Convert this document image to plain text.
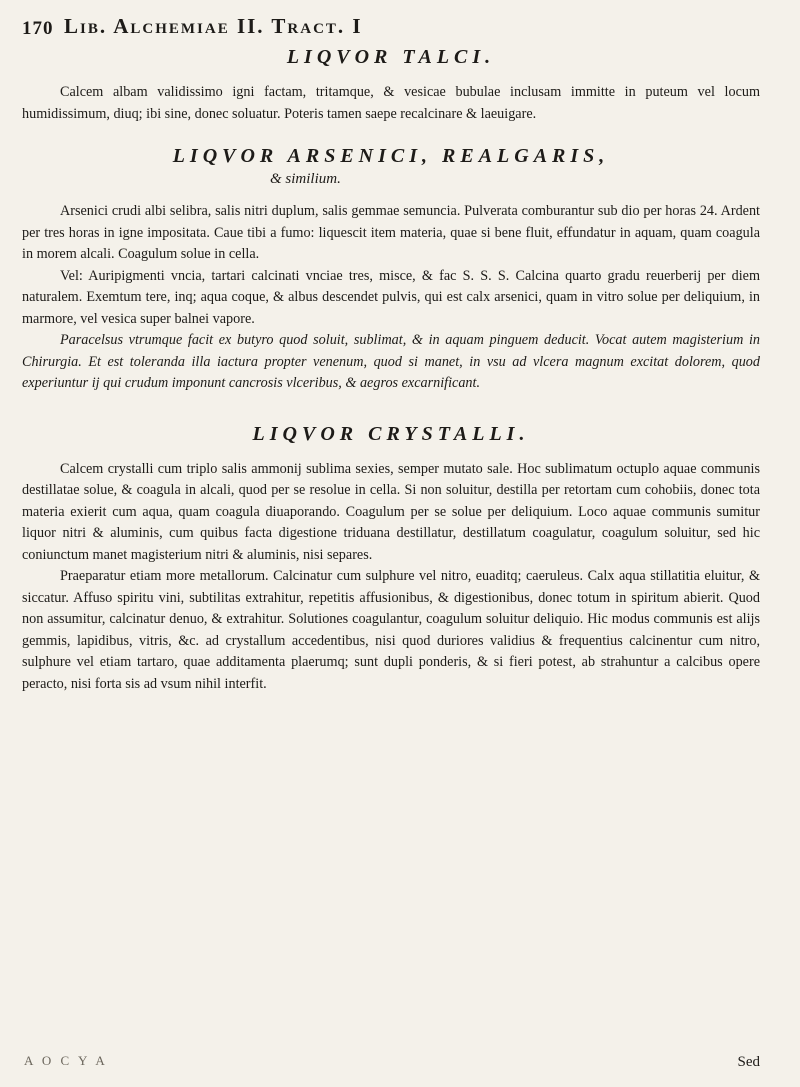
170 Lib. Alchemiae II. Tract. I
LIQVOR TALCI.

Calcem albam validissimo igni factam, tritamque, & vesicae bubulae inclusam immitte in puteum vel locum humidissimum, diuq; ibi sine, donec soluatur. Poteris tamen saepe recalcinare & laeuigare.

LIQVOR ARSENICI, REALGARIS,
& similium.

Arsenici crudi albi selibra, salis nitri duplum, salis gemmae semuncia. Pulverata comburantur sub dio per horas 24. Ardent per tres horas in igne impositata. Caue tibi a fumo: liquescit item materia, quae si bene fluit, effundatur in aquam, quam coagula in morem alcali. Coagulum solue in cella.

Vel: Auripigmenti vncia, tartari calcinati vnciae tres, misce, & fac S. S. S. Calcina quarto gradu reuerberij per diem naturalem. Exemtum tere, inq; aqua coque, & albus descendet pulvis, qui est calx arsenici, quam in vitro solue per deliquium, in marmore, vel vesica super balnei vapore.

Paracelsus vtrumque facit ex butyro quod soluit, sublimat, & in aquam pinguem deducit. Vocat autem magisterium in Chirurgia. Et est toleranda illa iactura propter venenum, quod si manet, in vsu ad vlcera magnum excitat dolorem, quod experiuntur ij qui crudum imponunt cancrosis vlceribus, & aegros excarnificant.

LIQVOR CRYSTALLI.

Calcem crystalli cum triplo salis ammonij sublima sexies, semper mutato sale. Hoc sublimatum octuplo aquae communis destillatae solue, & coagula in alcali, quod per se resolue in cella. Si non soluitur, destilla per retortam cum cohobiis, donec tota materia exierit cum aqua, quam coagula diuaporando. Coagulum per se solue per deliquium. Loco aquae communis sumitur liquor nitri & aluminis, cum quibus facta digestione triduana destillatur, destillatum coagulatur, coagulum soluitur, sed hic coniunctum manet magisterium nitri & aluminis, nisi separes.

Praeparatur etiam more metallorum. Calcinatur cum sulphure vel nitro, euaditq; caeruleus. Calx aqua stillatitia eluitur, & siccatur. Affuso spiritu vini, subtilitas extrahitur, repetitis affusionibus, & digestionibus, donec totum in spiritum abierit. Quod non assumitur, calcinatur denuo, & extrahitur. Solutiones coagulantur, coagulum soluitur deliquio. Hic modus communis est alijs gemmis, lapidibus, vitris, &c. ad crystallum accedentibus, nisi quod duriores validius & frequentius calcinentur cum nitro, sulphure vel etiam tartaro, quae additamenta plaerumq; sunt dupli ponderis, & si fieri potest, ab strahuntur a calcibus opere peracto, nisi forta sis ad vsum nihil interfit.

A O C Y A	Sed
